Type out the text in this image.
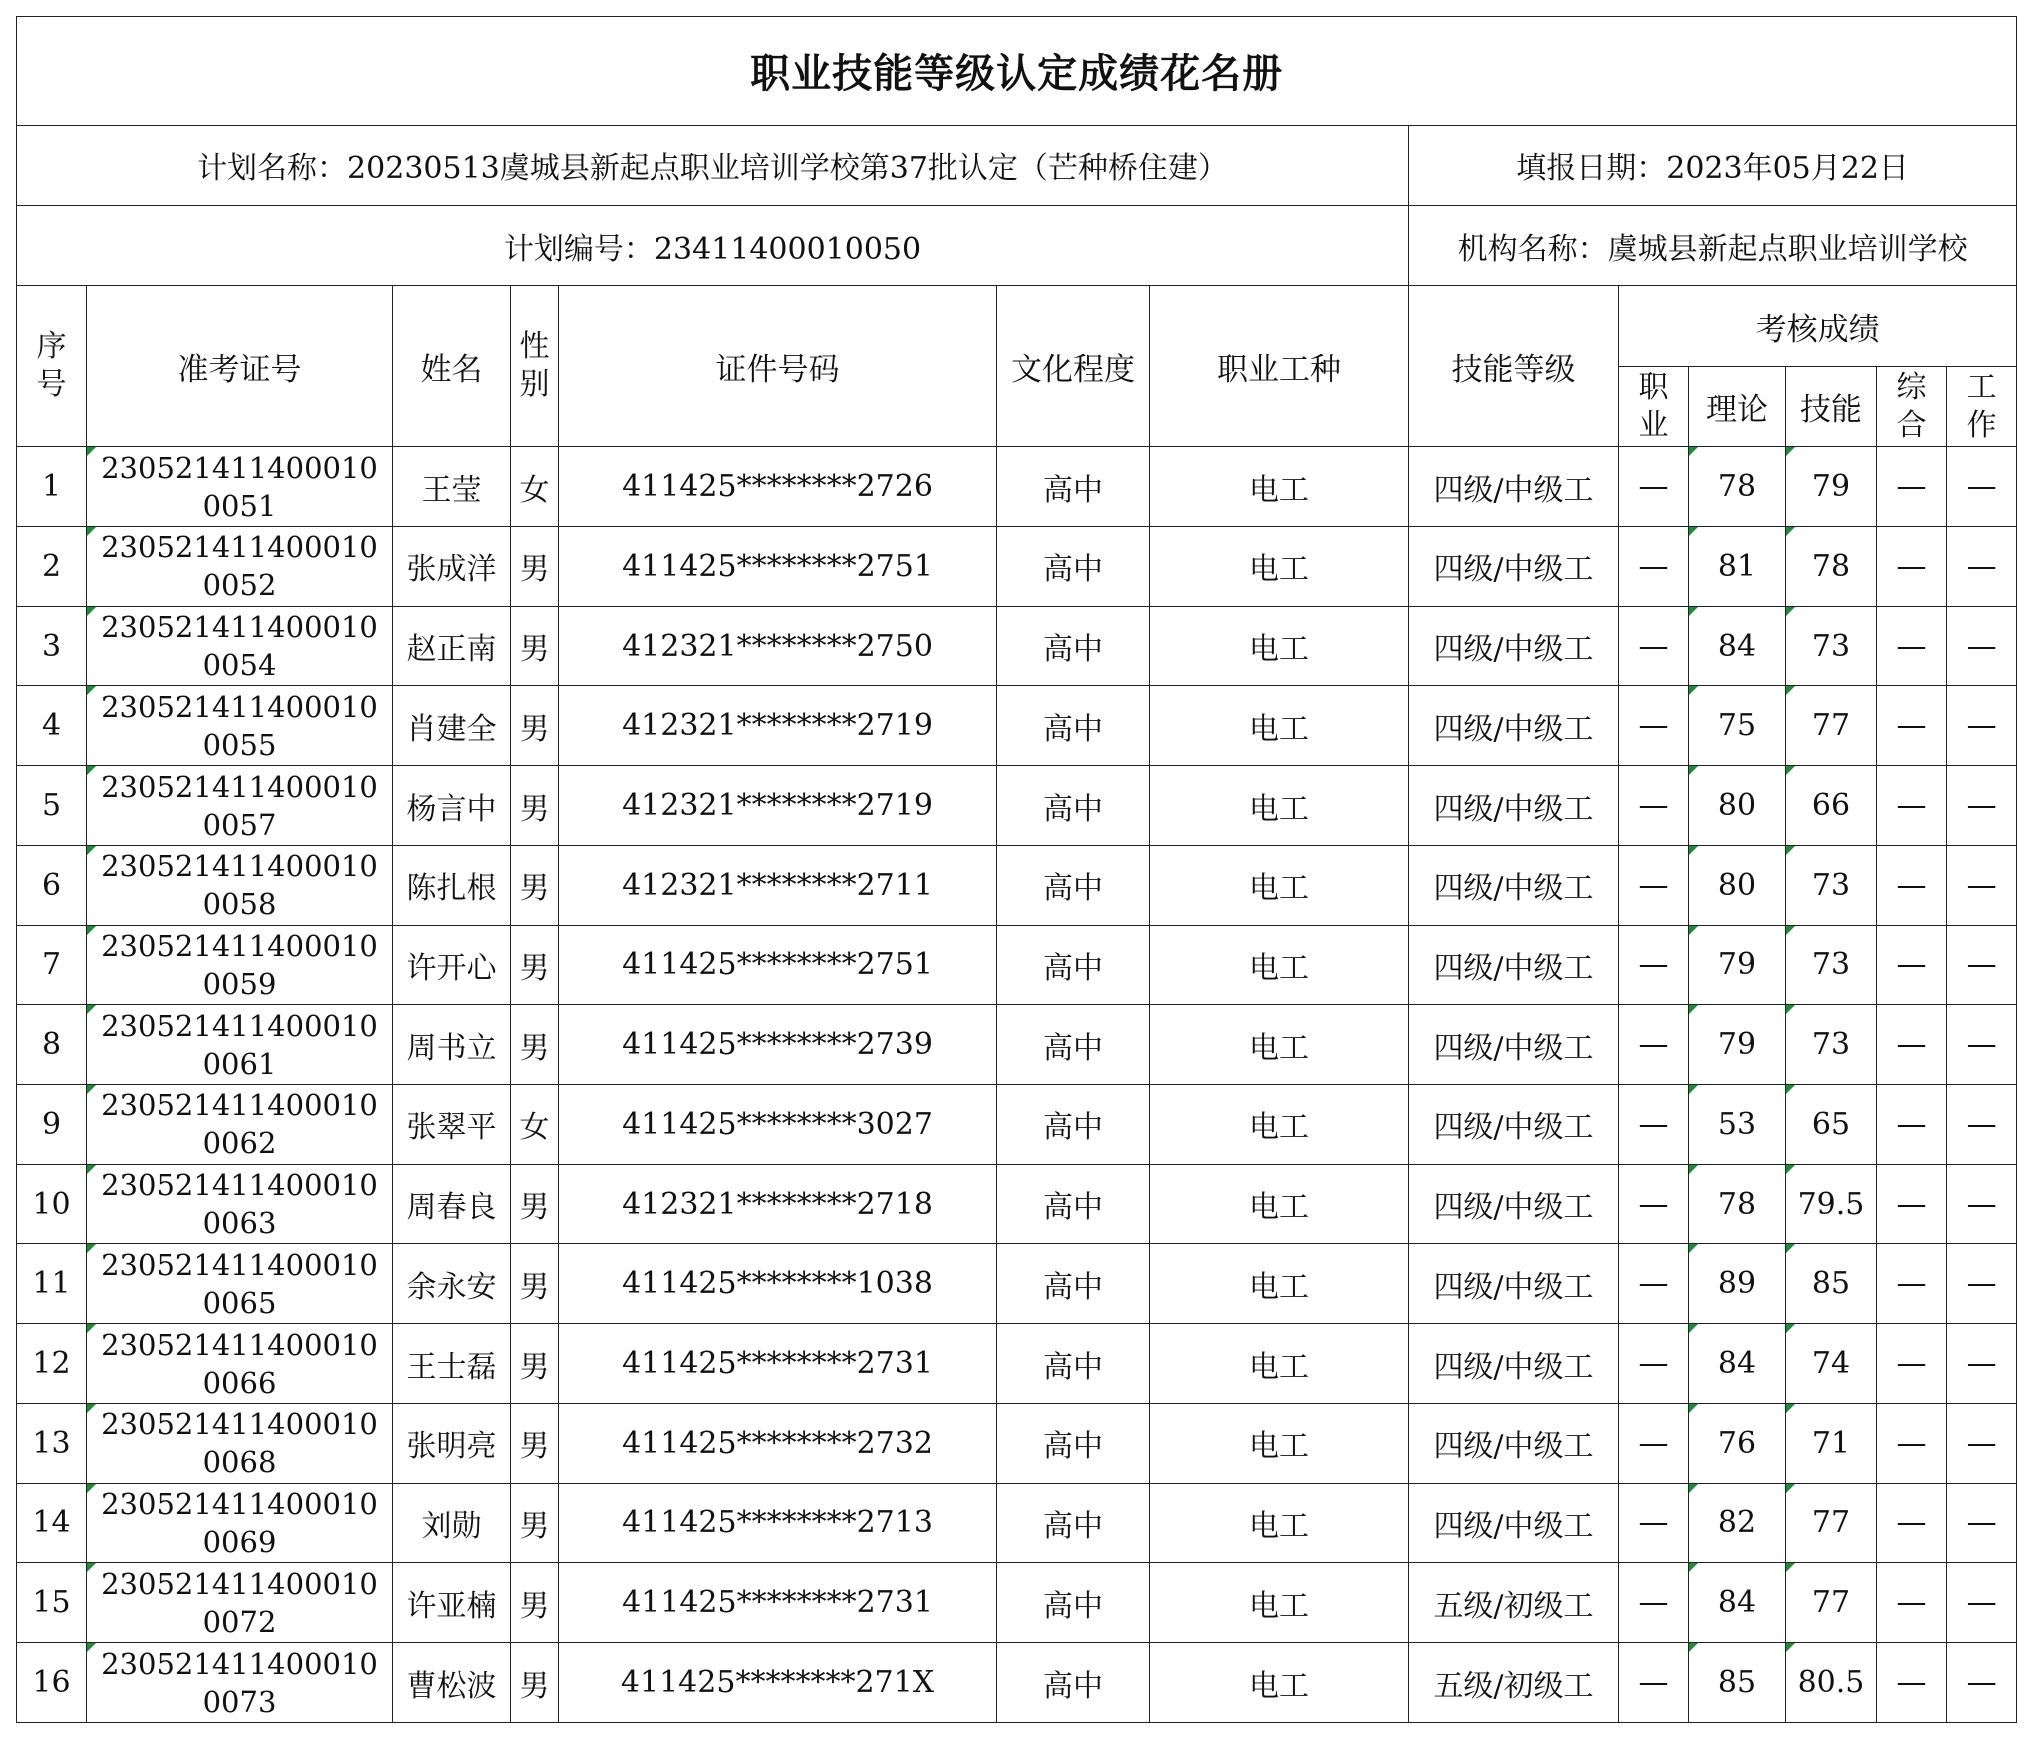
职业技能等级认定成绩花名册												
计划名称：20230513虞城县新起点职业培训学校第37批认定（芒种桥住建）							填报日期：2023年05月22日					
计划编号：23411400010050							机构名称：虞城县新起点职业培训学校					
序号	准考证号	姓名	性别	证件号码	文化程度	职业工种	技能等级	考核成绩				
								职业	理论	技能	综合	工作
1	2305214114000100051	王莹	女	411425********2726	高中	电工	四级/中级工	—	78	79	—	—
2	2305214114000100052	张成洋	男	411425********2751	高中	电工	四级/中级工	—	81	78	—	—
3	2305214114000100054	赵正南	男	412321********2750	高中	电工	四级/中级工	—	84	73	—	—
4	2305214114000100055	肖建全	男	412321********2719	高中	电工	四级/中级工	—	75	77	—	—
5	2305214114000100057	杨言中	男	412321********2719	高中	电工	四级/中级工	—	80	66	—	—
6	2305214114000100058	陈扎根	男	412321********2711	高中	电工	四级/中级工	—	80	73	—	—
7	2305214114000100059	许开心	男	411425********2751	高中	电工	四级/中级工	—	79	73	—	—
8	2305214114000100061	周书立	男	411425********2739	高中	电工	四级/中级工	—	79	73	—	—
9	2305214114000100062	张翠平	女	411425********3027	高中	电工	四级/中级工	—	53	65	—	—
10	2305214114000100063	周春良	男	412321********2718	高中	电工	四级/中级工	—	78	79.5	—	—
11	2305214114000100065	余永安	男	411425********1038	高中	电工	四级/中级工	—	89	85	—	—
12	2305214114000100066	王士磊	男	411425********2731	高中	电工	四级/中级工	—	84	74	—	—
13	2305214114000100068	张明亮	男	411425********2732	高中	电工	四级/中级工	—	76	71	—	—
14	2305214114000100069	刘勋	男	411425********2713	高中	电工	四级/中级工	—	82	77	—	—
15	2305214114000100072	许亚楠	男	411425********2731	高中	电工	五级/初级工	—	84	77	—	—
16	2305214114000100073	曹松波	男	411425********271X	高中	电工	五级/初级工	—	85	80.5	—	—
